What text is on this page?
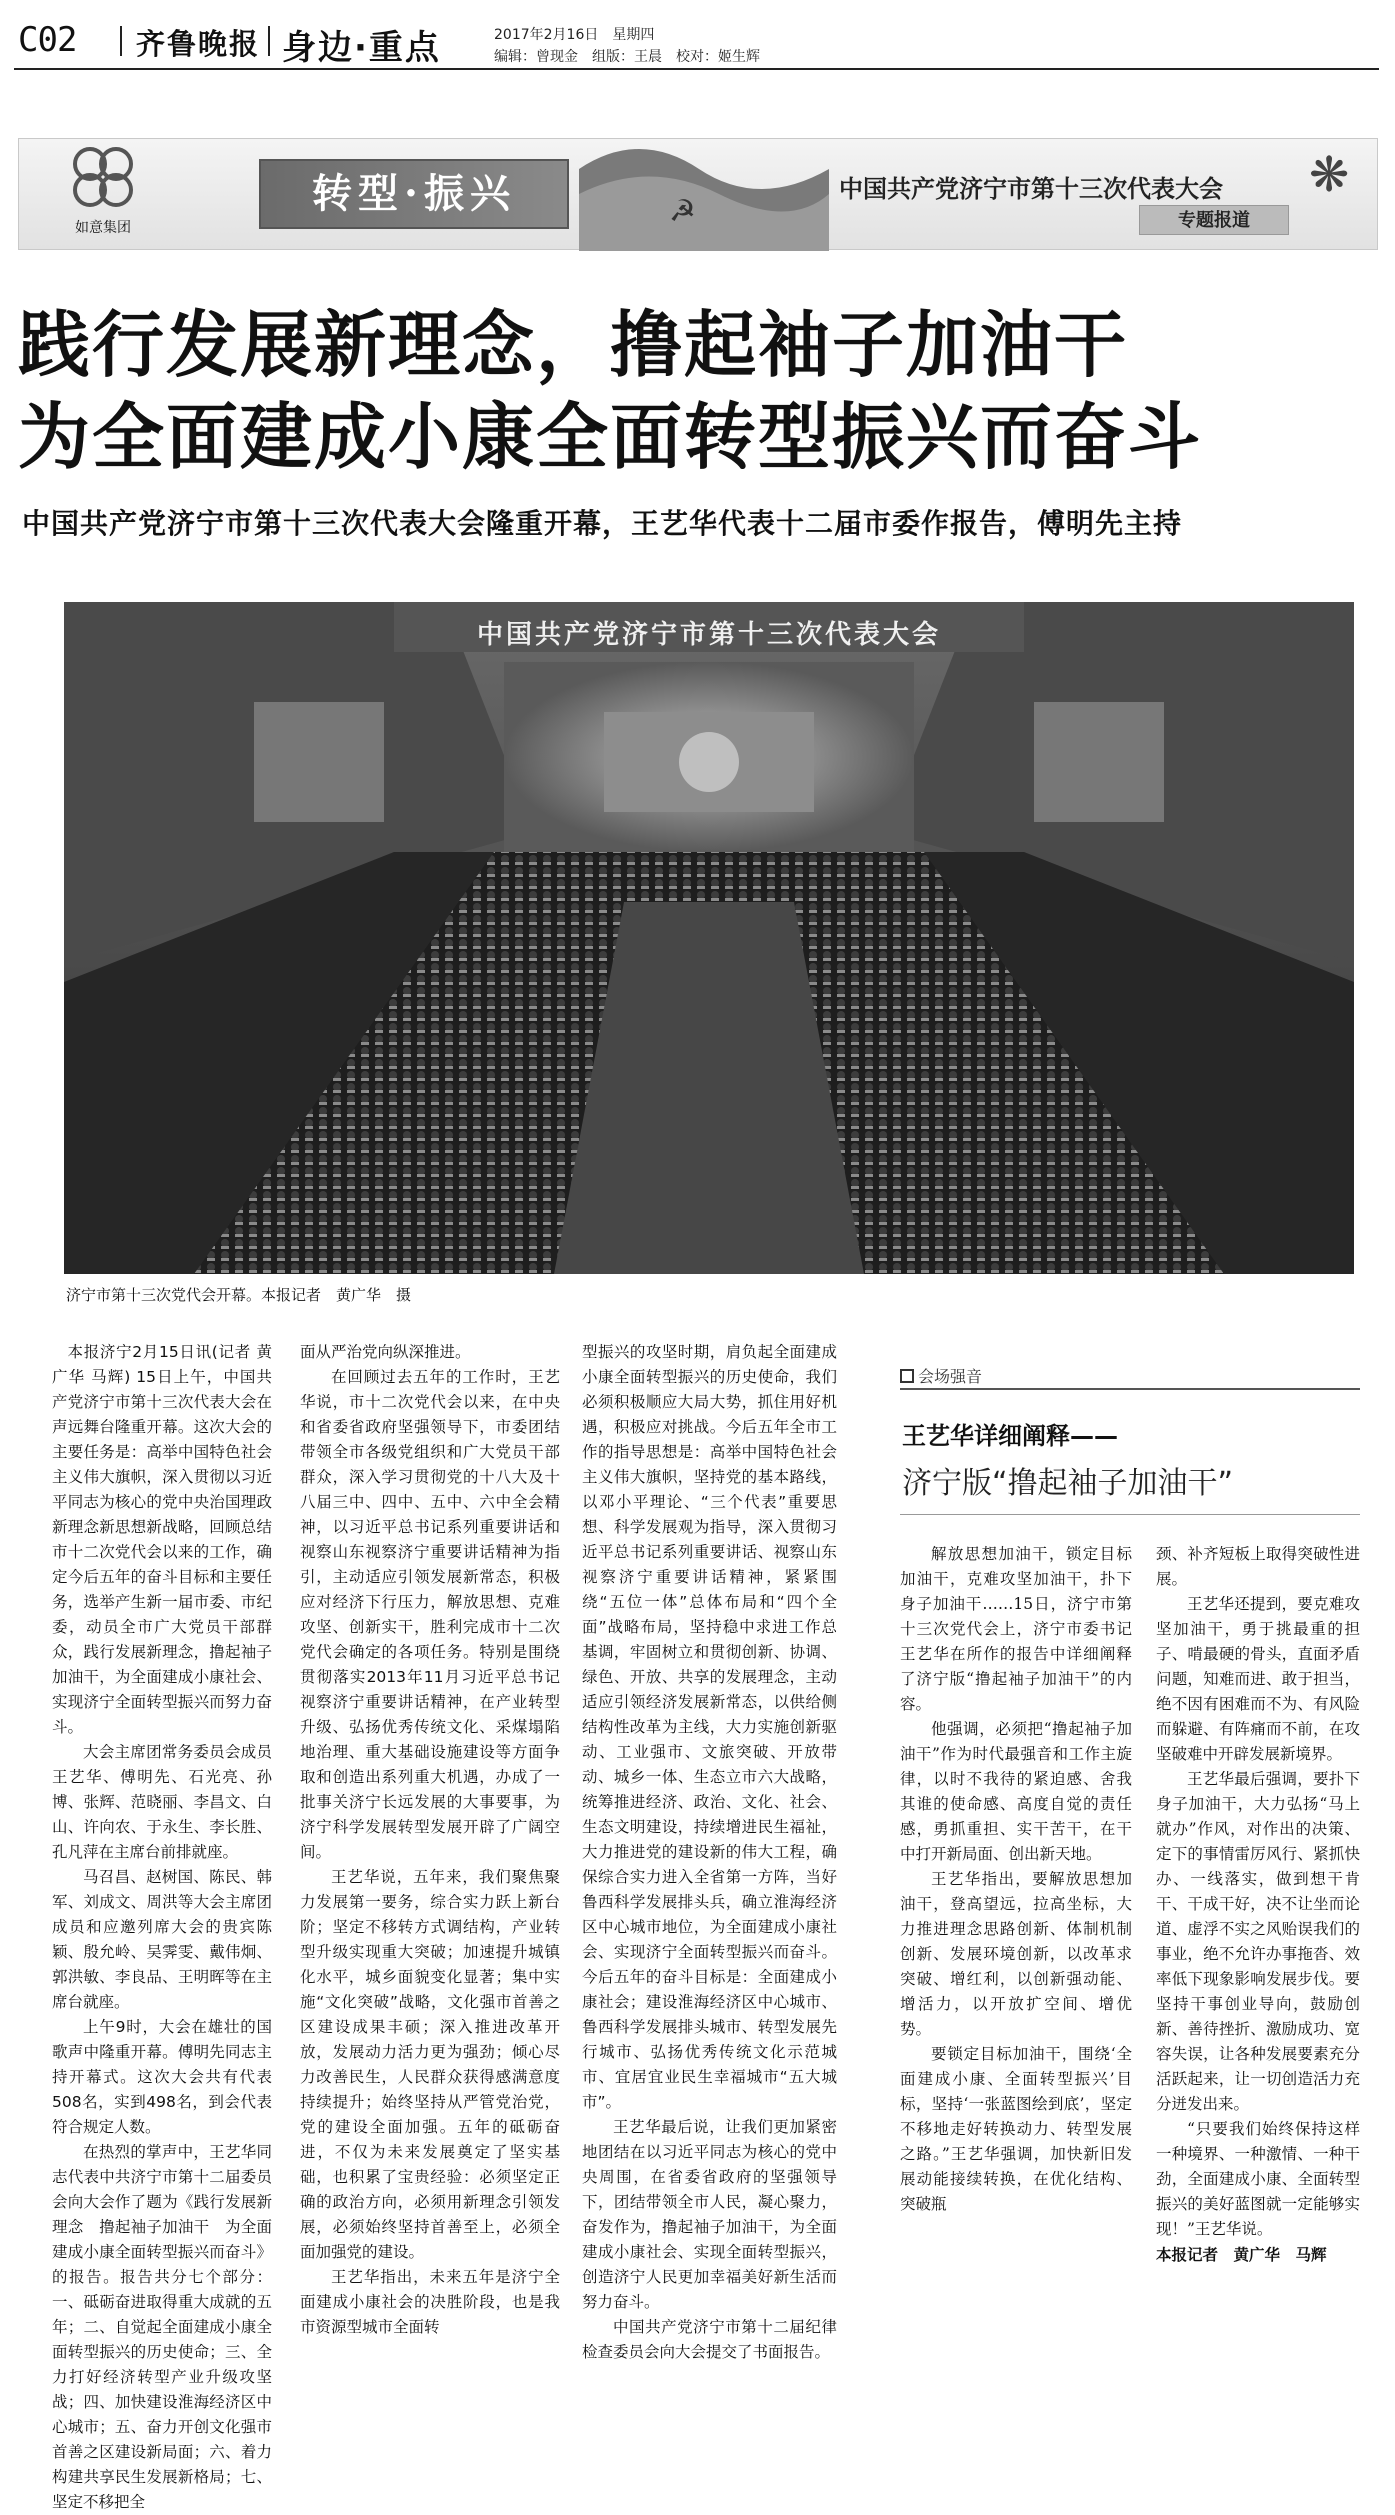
C02 齐鲁晚报 身边·重点	2017年2月16日　星期四
编辑：曾现金　组版：王晨　校对：姬生辉
如意集团
转型·振兴	☭
中国共产党济宁市第十三次代表大会
专题报道
❋
践行发展新理念，撸起袖子加油干
为全面建成小康全面转型振兴而奋斗
中国共产党济宁市第十三次代表大会隆重开幕，王艺华代表十二届市委作报告，傅明先主持
中国共产党济宁市第十三次代表大会
济宁市第十三次党代会开幕。本报记者　黄广华　摄

本报济宁2月15日讯(记者 黄广华 马辉) 15日上午，中国共产党济宁市第十三次代表大会在声远舞台隆重开幕。这次大会的主要任务是：高举中国特色社会主义伟大旗帜，深入贯彻以习近平同志为核心的党中央治国理政新理念新思想新战略，回顾总结市十二次党代会以来的工作，确定今后五年的奋斗目标和主要任务，选举产生新一届市委、市纪委，动员全市广大党员干部群众，践行发展新理念，撸起袖子加油干，为全面建成小康社会、实现济宁全面转型振兴而努力奋斗。

大会主席团常务委员会成员王艺华、傅明先、石光亮、孙博、张辉、范晓丽、李昌文、白山、许向农、于永生、李长胜、孔凡萍在主席台前排就座。

马召昌、赵树国、陈民、韩军、刘成文、周洪等大会主席团成员和应邀列席大会的贵宾陈颖、殷允岭、吴霁雯、戴伟炯、郭洪敏、李良品、王明晖等在主席台就座。

上午9时，大会在雄壮的国歌声中隆重开幕。傅明先同志主持开幕式。这次大会共有代表508名，实到498名，到会代表符合规定人数。

在热烈的掌声中，王艺华同志代表中共济宁市第十二届委员会向大会作了题为《践行发展新理念　撸起袖子加油干　为全面建成小康全面转型振兴而奋斗》的报告。报告共分七个部分：一、砥砺奋进取得重大成就的五年；二、自觉起全面建成小康全面转型振兴的历史使命；三、全力打好经济转型产业升级攻坚战；四、加快建设淮海经济区中心城市；五、奋力开创文化强市首善之区建设新局面；六、着力构建共享民生发展新格局；七、坚定不移把全

面从严治党向纵深推进。

在回顾过去五年的工作时，王艺华说，市十二次党代会以来，在中央和省委省政府坚强领导下，市委团结带领全市各级党组织和广大党员干部群众，深入学习贯彻党的十八大及十八届三中、四中、五中、六中全会精神，以习近平总书记系列重要讲话和视察山东视察济宁重要讲话精神为指引，主动适应引领发展新常态，积极应对经济下行压力，解放思想、克难攻坚、创新实干，胜利完成市十二次党代会确定的各项任务。特别是围绕贯彻落实2013年11月习近平总书记视察济宁重要讲话精神，在产业转型升级、弘扬优秀传统文化、采煤塌陷地治理、重大基础设施建设等方面争取和创造出系列重大机遇，办成了一批事关济宁长远发展的大事要事，为济宁科学发展转型发展开辟了广阔空间。

王艺华说，五年来，我们聚焦聚力发展第一要务，综合实力跃上新台阶；坚定不移转方式调结构，产业转型升级实现重大突破；加速提升城镇化水平，城乡面貌变化显著；集中实施“文化突破”战略，文化强市首善之区建设成果丰硕；深入推进改革开放，发展动力活力更为强劲；倾心尽力改善民生，人民群众获得感满意度持续提升；始终坚持从严管党治党，党的建设全面加强。五年的砥砺奋进，不仅为未来发展奠定了坚实基础，也积累了宝贵经验：必须坚定正确的政治方向，必须用新理念引领发展，必须始终坚持首善至上，必须全面加强党的建设。

王艺华指出，未来五年是济宁全面建成小康社会的决胜阶段，也是我市资源型城市全面转

型振兴的攻坚时期，肩负起全面建成小康全面转型振兴的历史使命，我们必须积极顺应大局大势，抓住用好机遇，积极应对挑战。今后五年全市工作的指导思想是：高举中国特色社会主义伟大旗帜，坚持党的基本路线，以邓小平理论、“三个代表”重要思想、科学发展观为指导，深入贯彻习近平总书记系列重要讲话、视察山东视察济宁重要讲话精神，紧紧围绕“五位一体”总体布局和“四个全面”战略布局，坚持稳中求进工作总基调，牢固树立和贯彻创新、协调、绿色、开放、共享的发展理念，主动适应引领经济发展新常态，以供给侧结构性改革为主线，大力实施创新驱动、工业强市、文旅突破、开放带动、城乡一体、生态立市六大战略，统筹推进经济、政治、文化、社会、生态文明建设，持续增进民生福祉，大力推进党的建设新的伟大工程，确保综合实力进入全省第一方阵，当好鲁西科学发展排头兵，确立淮海经济区中心城市地位，为全面建成小康社会、实现济宁全面转型振兴而奋斗。今后五年的奋斗目标是：全面建成小康社会；建设淮海经济区中心城市、鲁西科学发展排头城市、转型发展先行城市、弘扬优秀传统文化示范城市、宜居宜业民生幸福城市“五大城市”。

王艺华最后说，让我们更加紧密地团结在以习近平同志为核心的党中央周围，在省委省政府的坚强领导下，团结带领全市人民，凝心聚力，奋发作为，撸起袖子加油干，为全面建成小康社会、实现全面转型振兴，创造济宁人民更加幸福美好新生活而努力奋斗。

中国共产党济宁市第十二届纪律检查委员会向大会提交了书面报告。

会场强音
王艺华详细阐释——
济宁版“撸起袖子加油干”

解放思想加油干，锁定目标加油干，克难攻坚加油干，扑下身子加油干……15日，济宁市第十三次党代会上，济宁市委书记王艺华在所作的报告中详细阐释了济宁版“撸起袖子加油干”的内容。

他强调，必须把“撸起袖子加油干”作为时代最强音和工作主旋律，以时不我待的紧迫感、舍我其谁的使命感、高度自觉的责任感，勇抓重担、实干苦干，在干中打开新局面、创出新天地。

王艺华指出，要解放思想加油干，登高望远，拉高坐标，大力推进理念思路创新、体制机制创新、发展环境创新，以改革求突破、增红利，以创新强动能、增活力，以开放扩空间、增优势。

要锁定目标加油干，围绕‘全面建成小康、全面转型振兴’目标，坚持‘一张蓝图绘到底’，坚定不移地走好转换动力、转型发展之路。”王艺华强调，加快新旧发展动能接续转换，在优化结构、突破瓶

颈、补齐短板上取得突破性进展。

王艺华还提到，要克难攻坚加油干，勇于挑最重的担子、啃最硬的骨头，直面矛盾问题，知难而进、敢于担当，绝不因有困难而不为、有风险而躲避、有阵痛而不前，在攻坚破难中开辟发展新境界。

王艺华最后强调，要扑下身子加油干，大力弘扬“马上就办”作风，对作出的决策、定下的事情雷厉风行、紧抓快办、一线落实，做到想干肯干、干成干好，决不让坐而论道、虚浮不实之风贻误我们的事业，绝不允许办事拖沓、效率低下现象影响发展步伐。要坚持干事创业导向，鼓励创新、善待挫折、激励成功、宽容失误，让各种发展要素充分活跃起来，让一切创造活力充分迸发出来。

“只要我们始终保持这样一种境界、一种激情、一种干劲，全面建成小康、全面转型振兴的美好蓝图就一定能够实现！”王艺华说。

本报记者　黄广华　马辉
